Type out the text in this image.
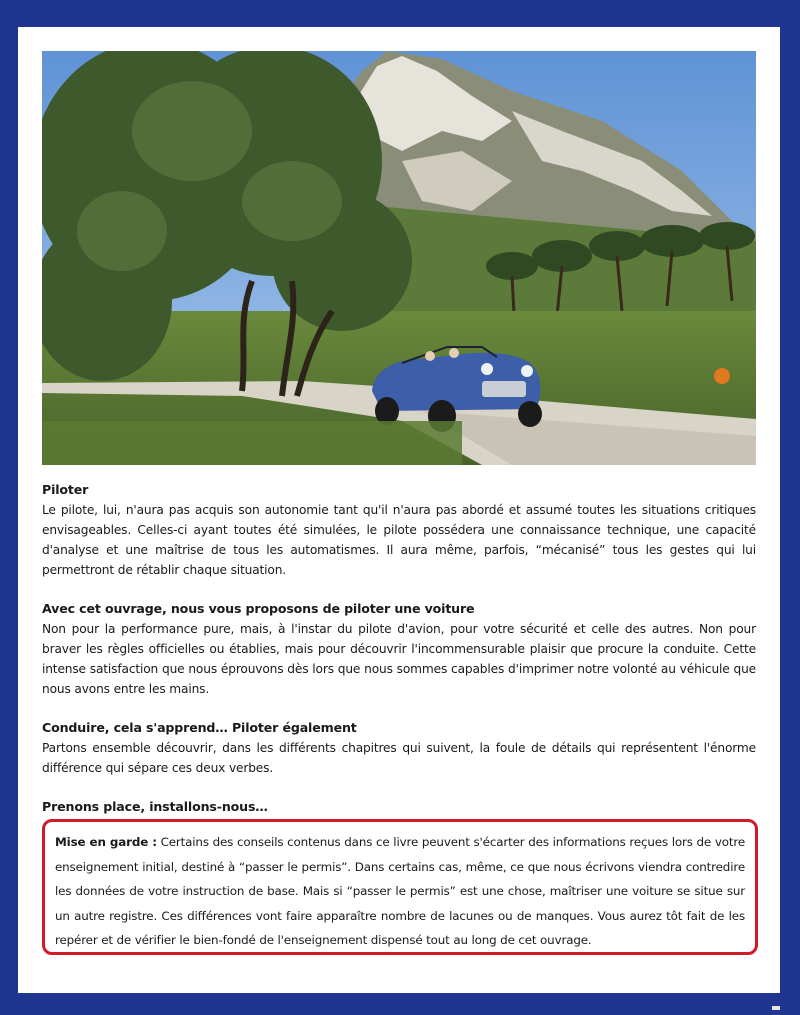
Piloter
Le pilote, lui, n'aura pas acquis son autonomie tant qu'il n'aura pas abordé et assumé toutes les situations critiques envisageables. Celles-ci ayant toutes été simulées, le pilote possédera une connaissance technique, une capacité d'analyse et une maîtrise de tous les automatismes. Il aura même, parfois, “mécanisé” tous les gestes qui lui permettront de rétablir chaque situation.
Avec cet ouvrage, nous vous proposons de piloter une voiture
Non pour la performance pure, mais, à l'instar du pilote d'avion, pour votre sécurité et celle des autres. Non pour braver les règles officielles ou établies, mais pour découvrir l'incommensurable plaisir que procure la conduite. Cette intense satisfaction que nous éprouvons dès lors que nous sommes capables d'imprimer notre volonté au véhicule que nous avons entre les mains.
Conduire, cela s'apprend… Piloter également
Partons ensemble découvrir, dans les différents chapitres qui suivent, la foule de détails qui représentent l'énorme différence qui sépare ces deux verbes.
Prenons place, installons-nous…
Mise en garde : Certains des conseils contenus dans ce livre peuvent s'écarter des informations reçues lors de votre enseignement initial, destiné à “passer le permis”. Dans certains cas, même, ce que nous écrivons viendra contredire les données de votre instruction de base. Mais si “passer le permis” est une chose, maîtriser une voiture se situe sur un autre registre. Ces différences vont faire apparaître nombre de lacunes ou de manques. Vous aurez tôt fait de les repérer et de vérifier le bien-fondé de l'enseignement dispensé tout au long de cet ouvrage.
